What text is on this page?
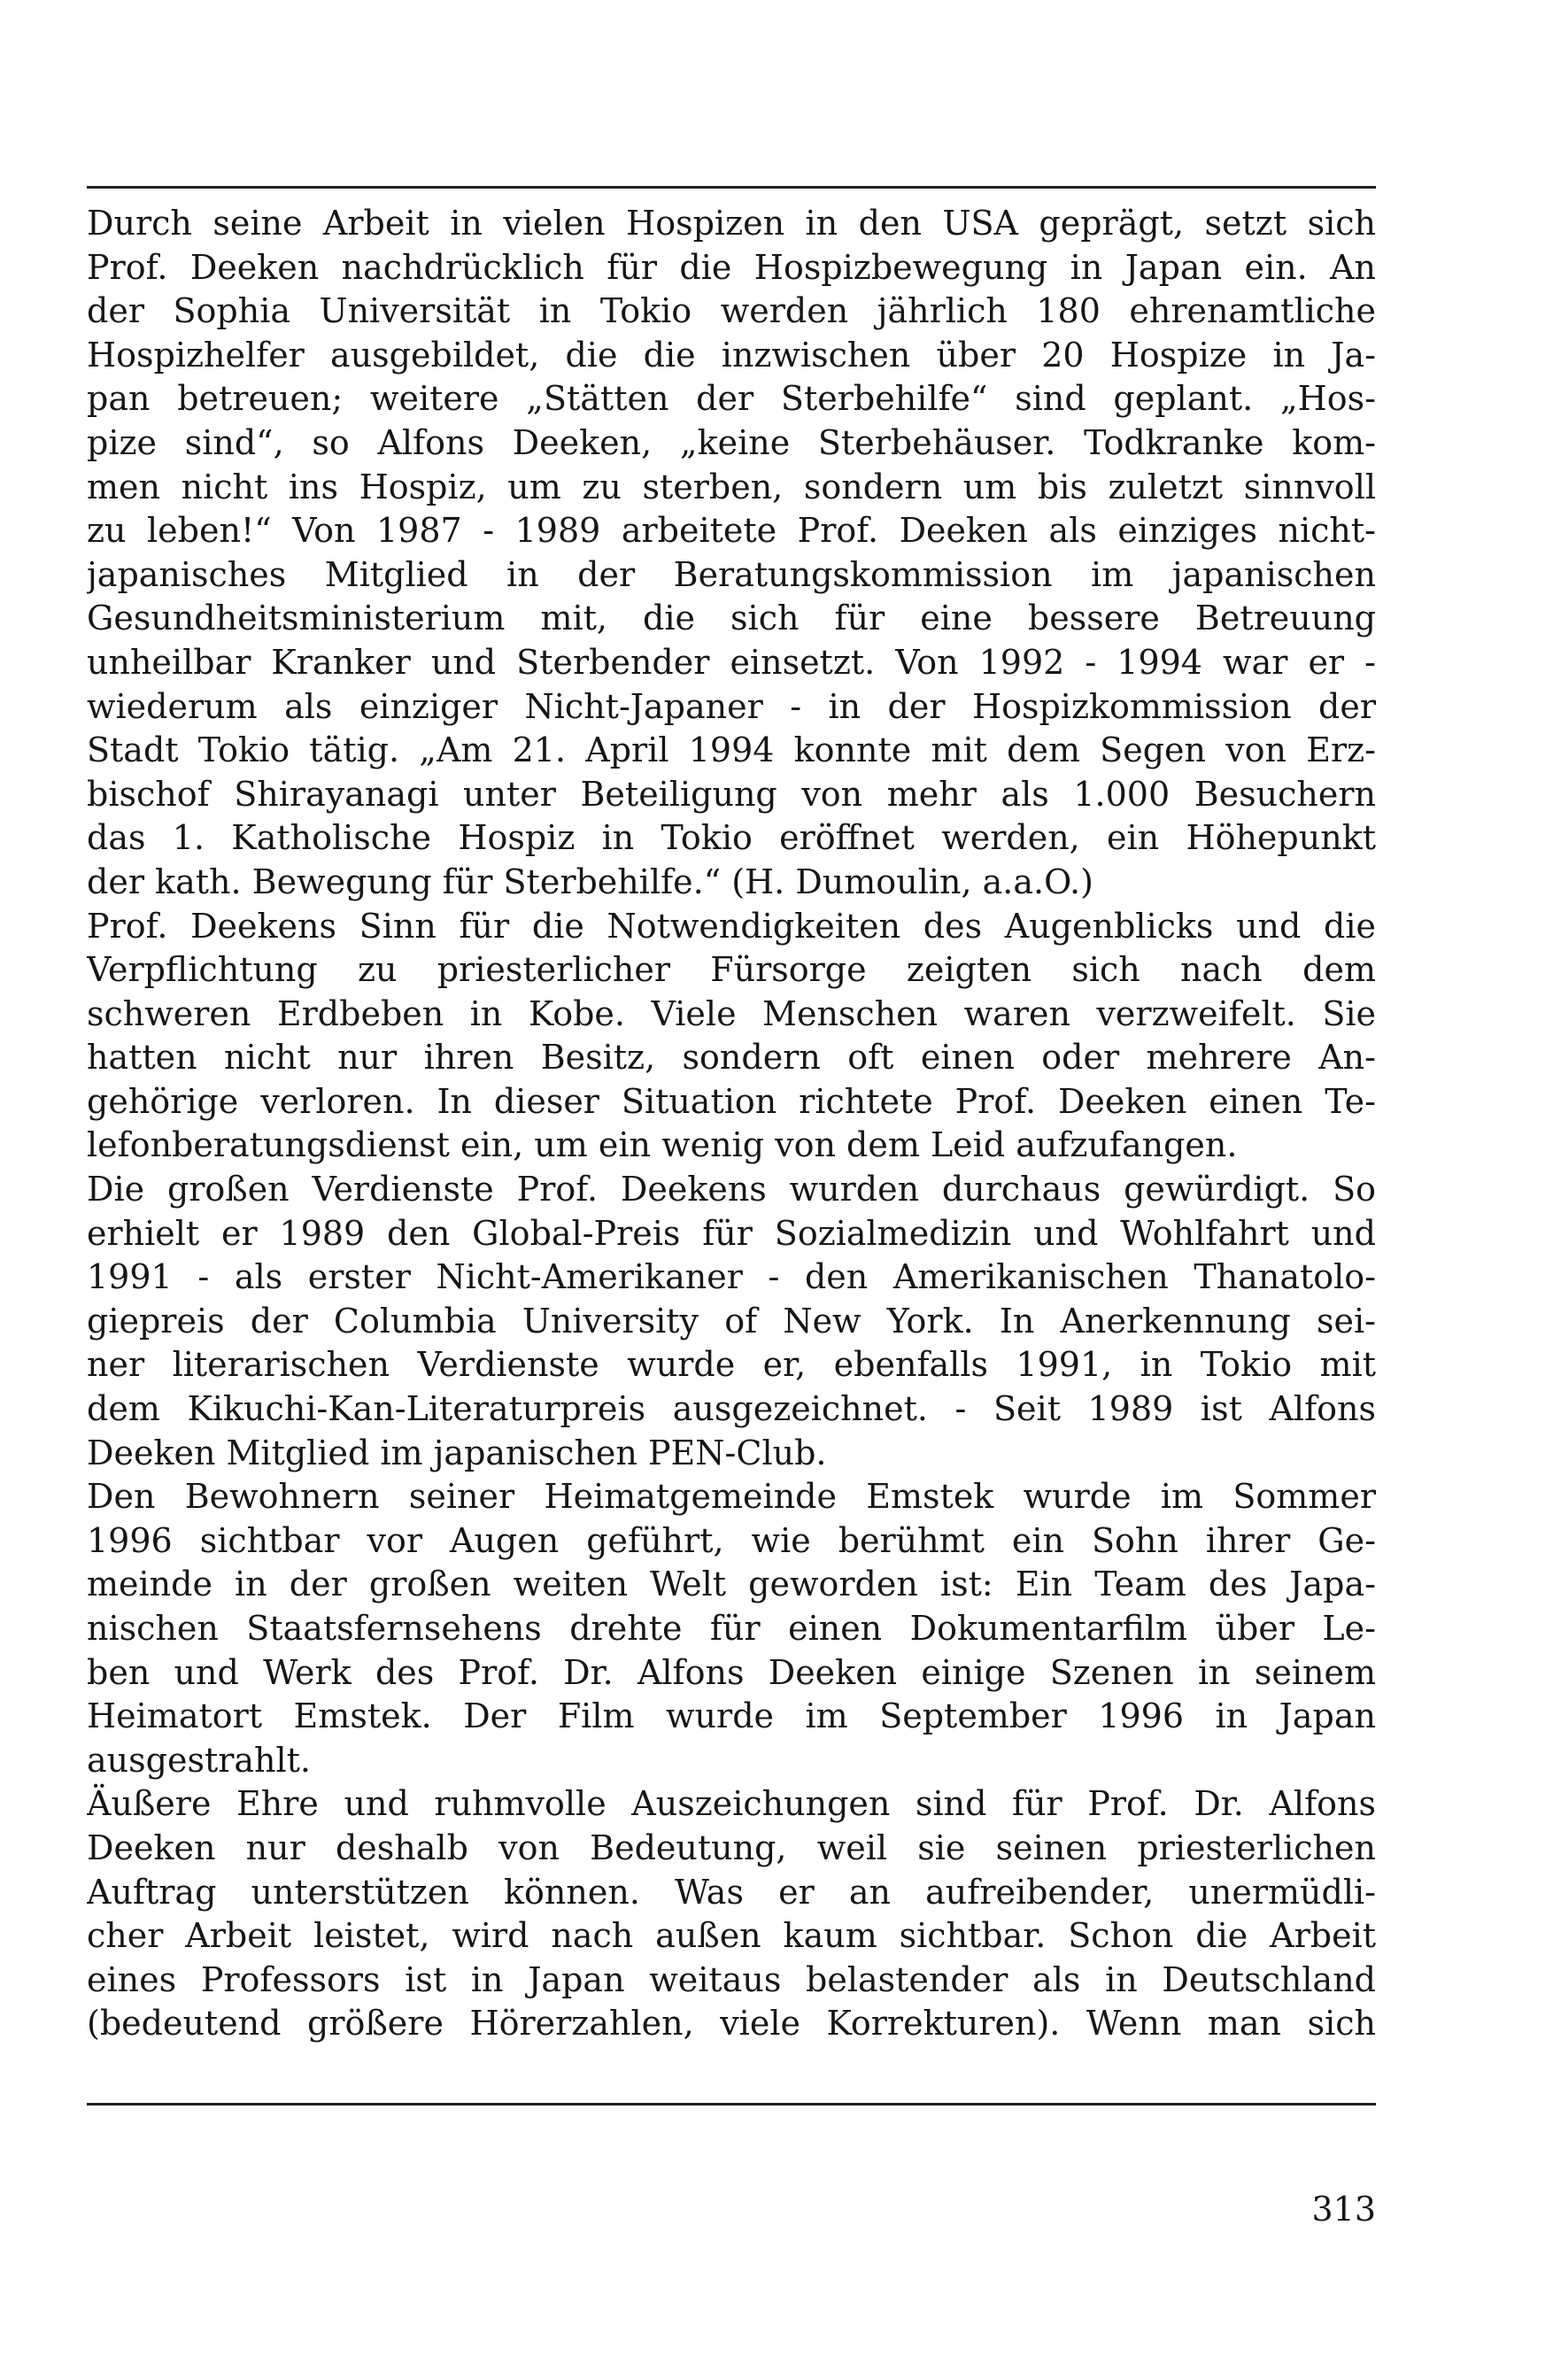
Durch seine Arbeit in vielen Hospizen in den USA geprägt, setzt sich
Prof. Deeken nachdrücklich für die Hospizbewegung in Japan ein. An
der Sophia Universität in Tokio werden jährlich 180 ehrenamtliche
Hospizhelfer ausgebildet, die die inzwischen über 20 Hospize in Ja-
pan betreuen; weitere „Stätten der Sterbehilfe“ sind geplant. „Hos-
pize sind“, so Alfons Deeken, „keine Sterbehäuser. Todkranke kom-
men nicht ins Hospiz, um zu sterben, sondern um bis zuletzt sinnvoll
zu leben!“ Von 1987 - 1989 arbeitete Prof. Deeken als einziges nicht-
japanisches Mitglied in der Beratungskommission im japanischen
Gesundheitsministerium mit, die sich für eine bessere Betreuung
unheilbar Kranker und Sterbender einsetzt. Von 1992 - 1994 war er -
wiederum als einziger Nicht-Japaner - in der Hospizkommission der
Stadt Tokio tätig. „Am 21. April 1994 konnte mit dem Segen von Erz-
bischof Shirayanagi unter Beteiligung von mehr als 1.000 Besuchern
das 1. Katholische Hospiz in Tokio eröffnet werden, ein Höhepunkt
der kath. Bewegung für Sterbehilfe.“ (H. Dumoulin, a.a.O.)
Prof. Deekens Sinn für die Notwendigkeiten des Augenblicks und die
Verpflichtung zu priesterlicher Fürsorge zeigten sich nach dem
schweren Erdbeben in Kobe. Viele Menschen waren verzweifelt. Sie
hatten nicht nur ihren Besitz, sondern oft einen oder mehrere An-
gehörige verloren. In dieser Situation richtete Prof. Deeken einen Te-
lefonberatungsdienst ein, um ein wenig von dem Leid aufzufangen.
Die großen Verdienste Prof. Deekens wurden durchaus gewürdigt. So
erhielt er 1989 den Global-Preis für Sozialmedizin und Wohlfahrt und
1991 - als erster Nicht-Amerikaner - den Amerikanischen Thanatolo-
giepreis der Columbia University of New York. In Anerkennung sei-
ner literarischen Verdienste wurde er, ebenfalls 1991, in Tokio mit
dem Kikuchi-Kan-Literaturpreis ausgezeichnet. - Seit 1989 ist Alfons
Deeken Mitglied im japanischen PEN-Club.
Den Bewohnern seiner Heimatgemeinde Emstek wurde im Sommer
1996 sichtbar vor Augen geführt, wie berühmt ein Sohn ihrer Ge-
meinde in der großen weiten Welt geworden ist: Ein Team des Japa-
nischen Staatsfernsehens drehte für einen Dokumentarfilm über Le-
ben und Werk des Prof. Dr. Alfons Deeken einige Szenen in seinem
Heimatort Emstek. Der Film wurde im September 1996 in Japan
ausgestrahlt.
Äußere Ehre und ruhmvolle Auszeichungen sind für Prof. Dr. Alfons
Deeken nur deshalb von Bedeutung, weil sie seinen priesterlichen
Auftrag unterstützen können. Was er an aufreibender, unermüdli-
cher Arbeit leistet, wird nach außen kaum sichtbar. Schon die Arbeit
eines Professors ist in Japan weitaus belastender als in Deutschland
(bedeutend größere Hörerzahlen, viele Korrekturen). Wenn man sich
313
